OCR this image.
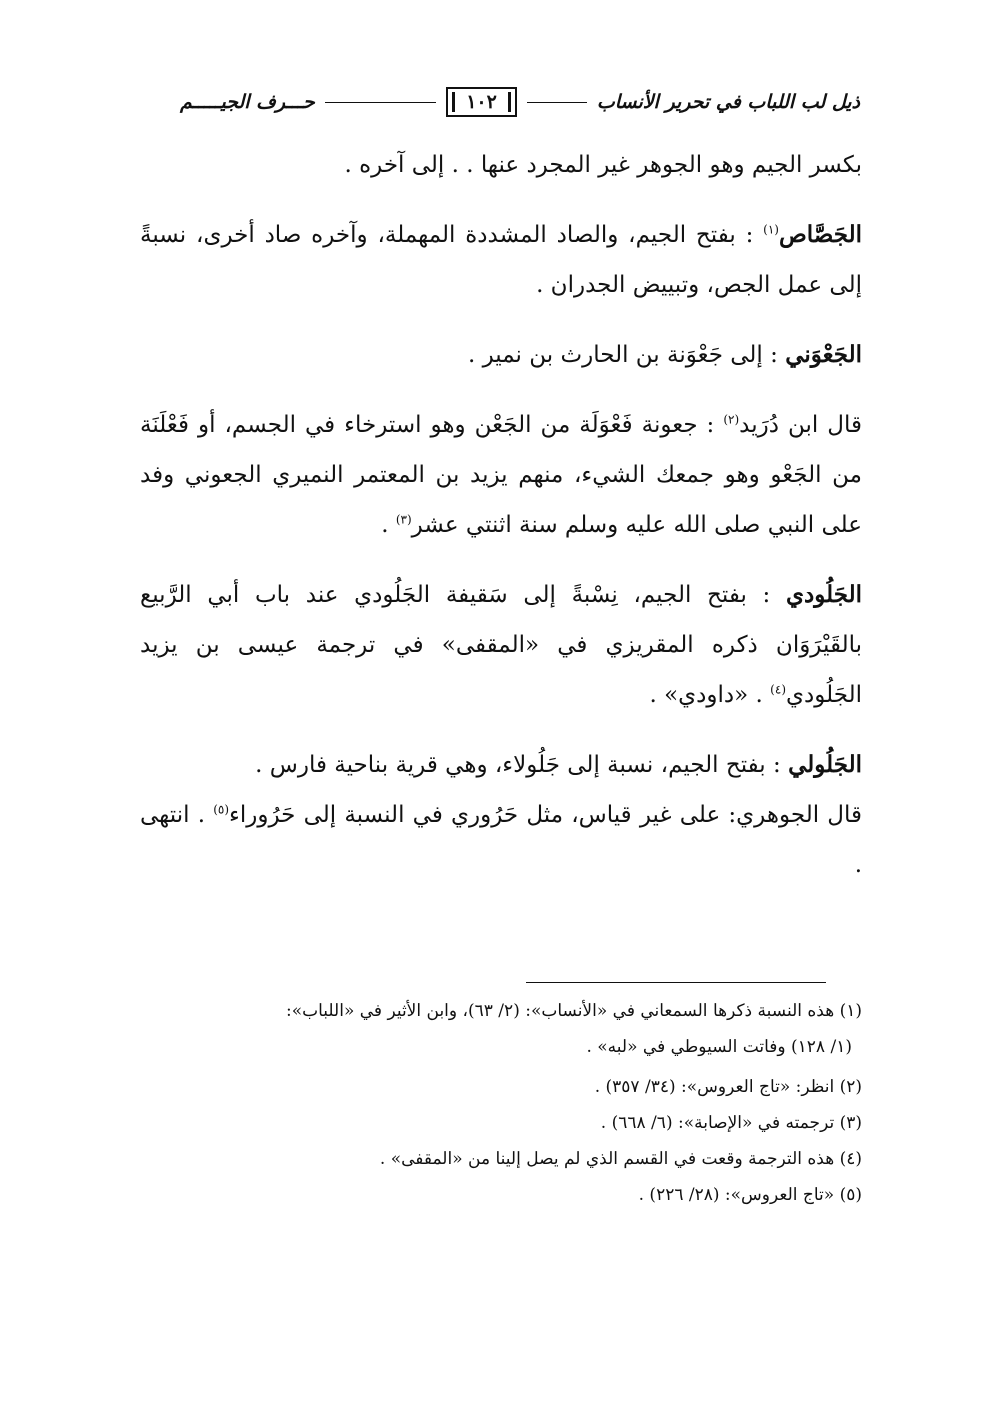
ذيل لب اللباب في تحرير الأنساب
١٠٢
حـــرف الجيـــــم

بكسر الجيم وهو الجوهر غير المجرد عنها . . إلى آخره .

الجَصَّاص$^{(١)}$ : بفتح الجيم، والصاد المشددة المهملة، وآخره صاد أخرى، نسبةً إلى عمل الجص، وتبييض الجدران .

الجَعْوَني : إلى جَعْوَنة بن الحارث بن نمير .

قال ابن دُرَيد$^{(٢)}$ : جعونة فَعْوَلَة من الجَعْن وهو استرخاء في الجسم، أو فَعْلَنَة من الجَعْو وهو جمعك الشيء، منهم يزيد بن المعتمر النميري الجعوني وفد على النبي صلى الله عليه وسلم سنة اثنتي عشر$^{(٣)}$ .

الجَلُودي : بفتح الجيم، نِسْبةً إلى سَقيفة الجَلُودي عند باب أبي الرَّبيع بالقَيْرَوَان ذكره المقريزي في «المقفى» في ترجمة عيسى بن يزيد الجَلُودي$^{(٤)}$ . «داودي» .

الجَلُولي : بفتح الجيم، نسبة إلى جَلُولاء، وهي قرية بناحية فارس .

قال الجوهري: على غير قياس، مثل حَرُوري في النسبة إلى حَرُوراء$^{(٥)}$ . انتهى .

(١) هذه النسبة ذكرها السمعاني في «الأنساب»: (٢/ ٦٣)، وابن الأثير في «اللباب»:
(١/ ١٢٨) وفاتت السيوطي في «لبه» .
(٢) انظر: «تاج العروس»: (٣٤/ ٣٥٧) .
(٣) ترجمته في «الإصابة»: (٦/ ٦٦٨) .
(٤) هذه الترجمة وقعت في القسم الذي لم يصل إلينا من «المقفى» .
(٥) «تاج العروس»: (٢٨/ ٢٢٦) .
